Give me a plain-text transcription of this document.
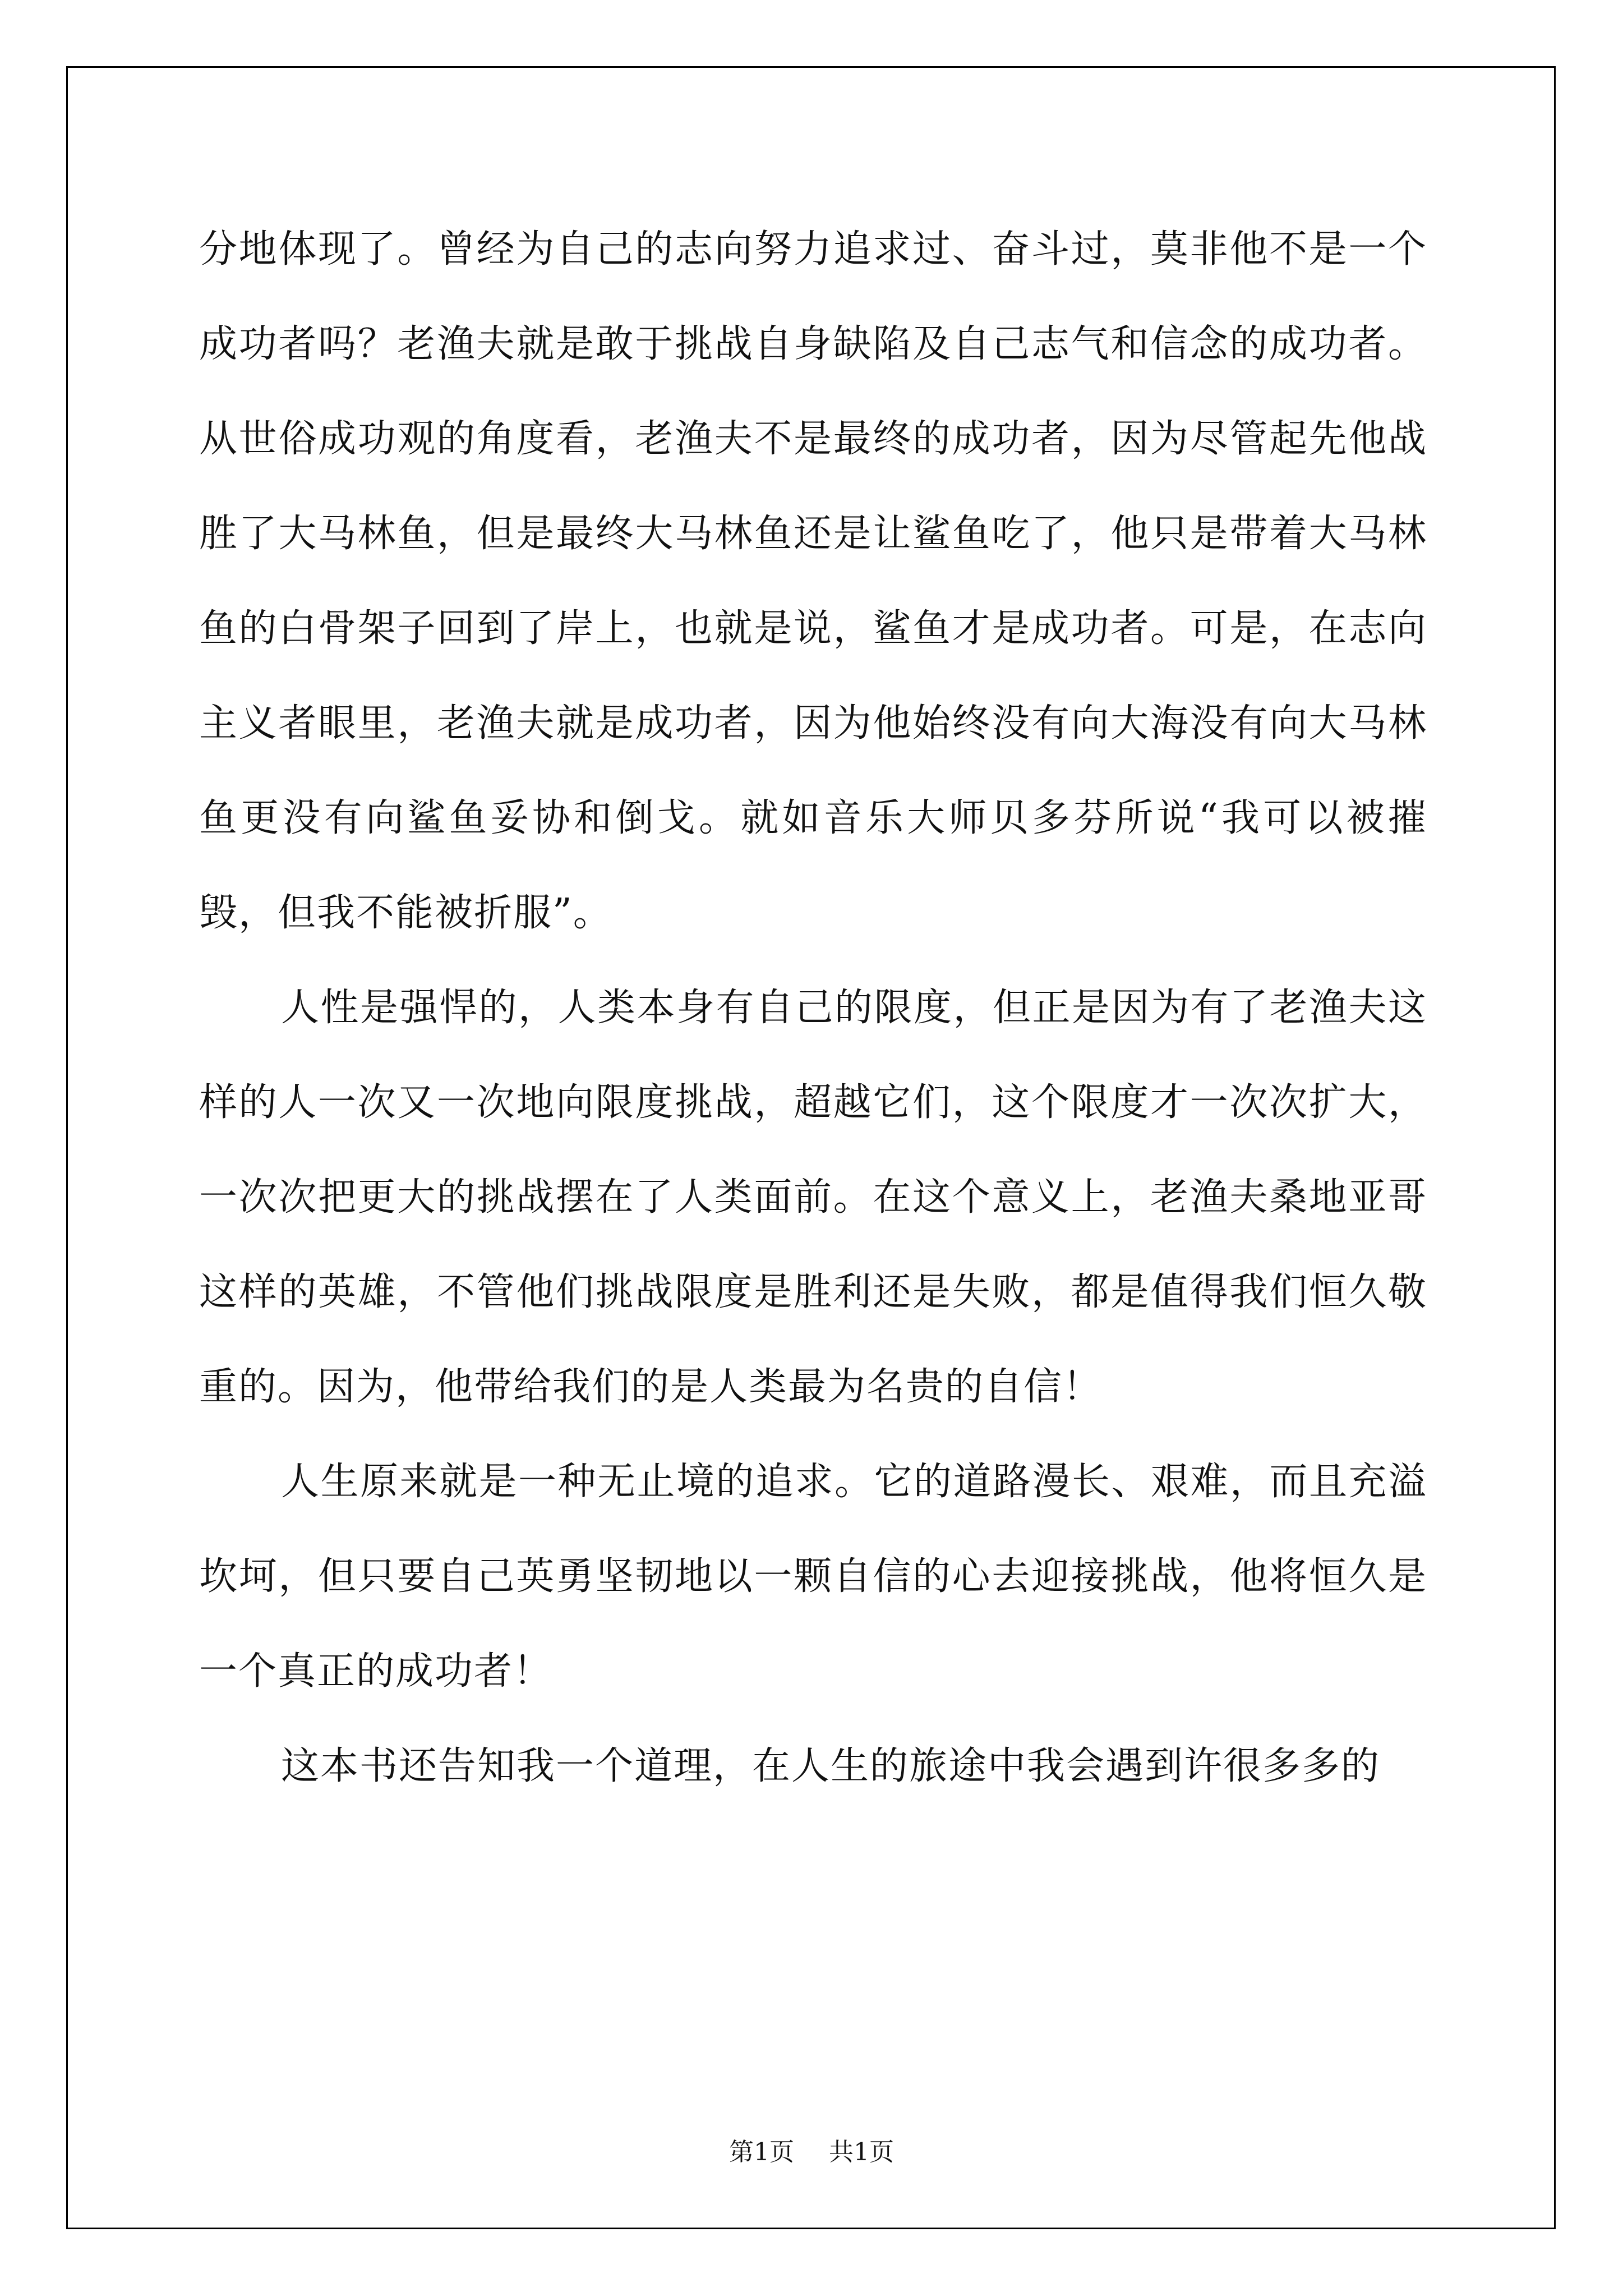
分地体现了。曾经为自己的志向努力追求过、奋斗过，莫非他不是一个成功者吗？老渔夫就是敢于挑战自身缺陷及自己志气和信念的成功者。从世俗成功观的角度看，老渔夫不是最终的成功者，因为尽管起先他战胜了大马林鱼，但是最终大马林鱼还是让鲨鱼吃了，他只是带着大马林鱼的白骨架子回到了岸上，也就是说，鲨鱼才是成功者。可是，在志向主义者眼里，老渔夫就是成功者，因为他始终没有向大海没有向大马林鱼更没有向鲨鱼妥协和倒戈。就如音乐大师贝多芬所说“我可以被摧毁，但我不能被折服”。

人性是强悍的，人类本身有自己的限度，但正是因为有了老渔夫这样的人一次又一次地向限度挑战，超越它们，这个限度才一次次扩大，一次次把更大的挑战摆在了人类面前。在这个意义上，老渔夫桑地亚哥这样的英雄，不管他们挑战限度是胜利还是失败，都是值得我们恒久敬重的。因为，他带给我们的是人类最为名贵的自信！

人生原来就是一种无止境的追求。它的道路漫长、艰难，而且充溢坎坷，但只要自己英勇坚韧地以一颗自信的心去迎接挑战，他将恒久是一个真正的成功者！

这本书还告知我一个道理，在人生的旅途中我会遇到许很多多的

第1页 共1页
